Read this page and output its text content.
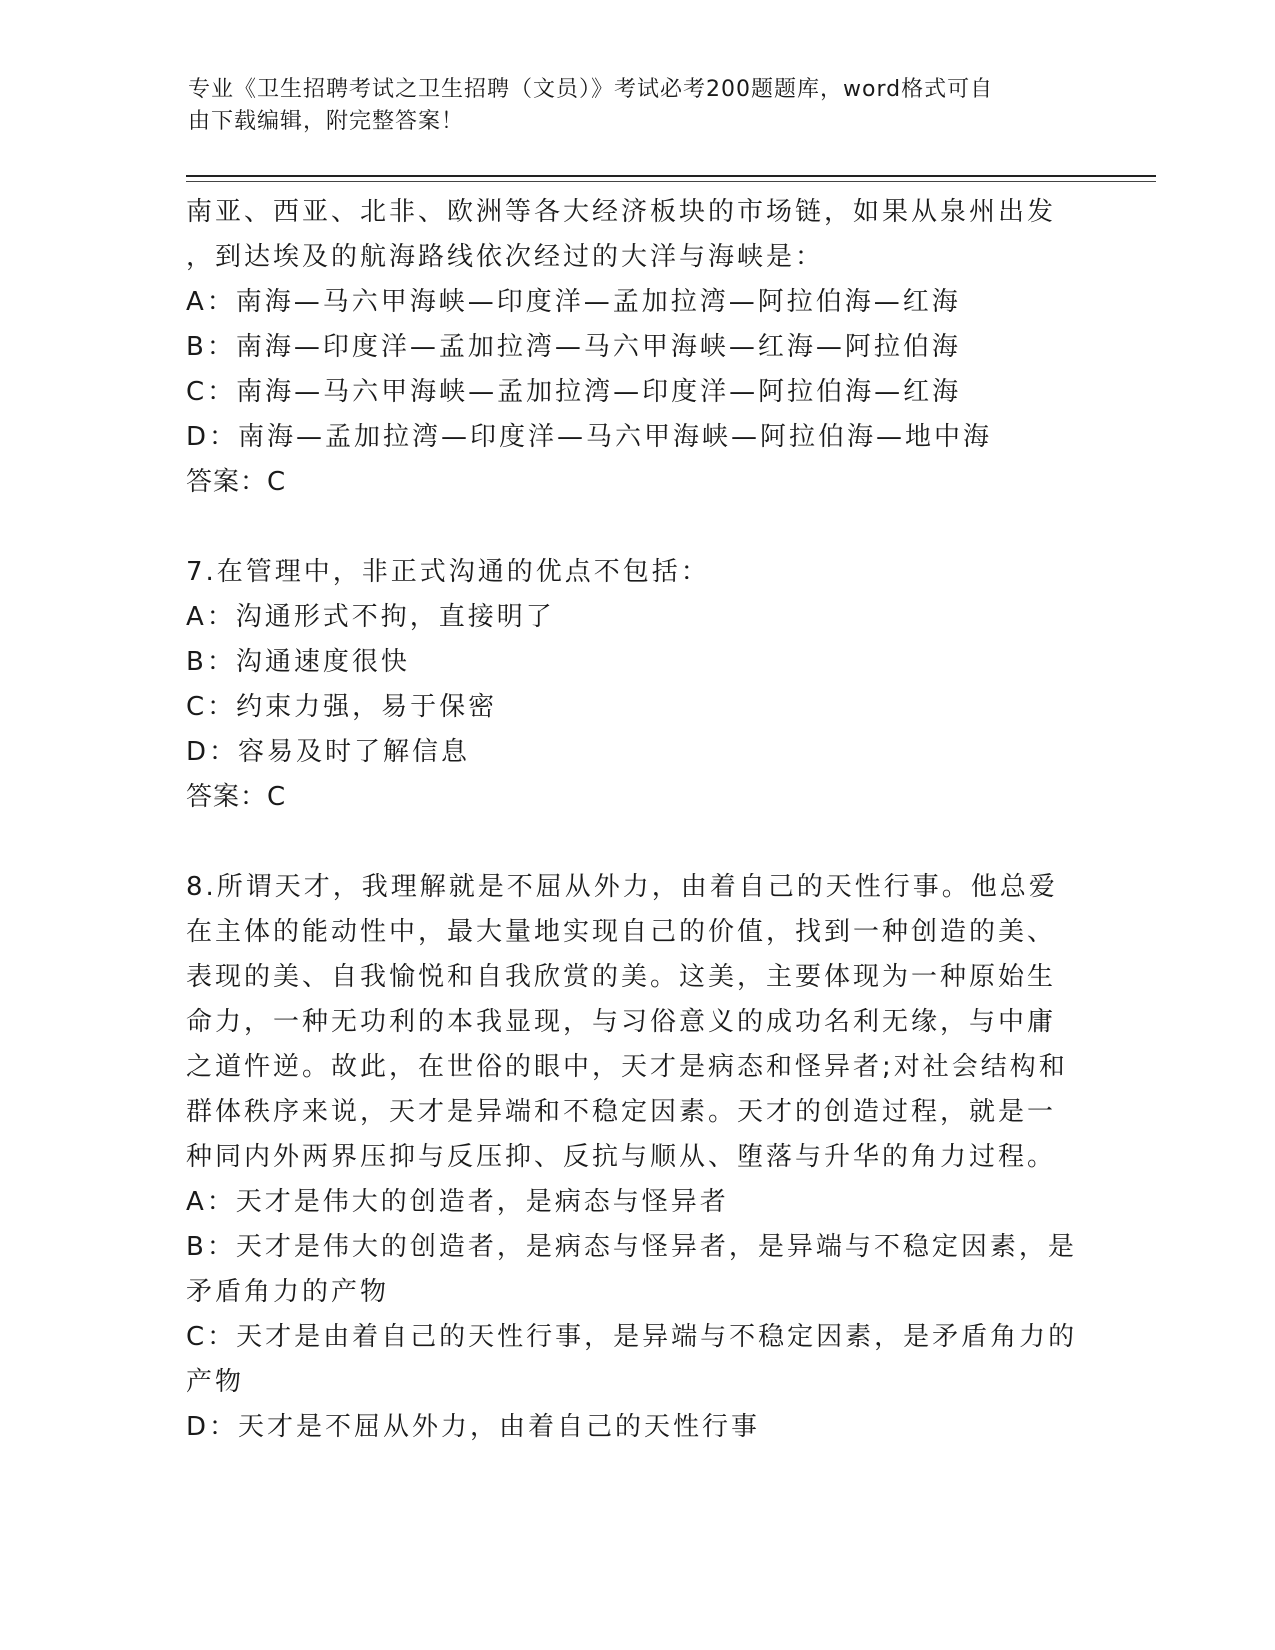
专业《卫生招聘考试之卫生招聘（文员）》考试必考200题题库，word格式可自
由下载编辑，附完整答案！
南亚、西亚、北非、欧洲等各大经济板块的市场链，如果从泉州出发
，到达埃及的航海路线依次经过的大洋与海峡是：
A：南海—马六甲海峡—印度洋—孟加拉湾—阿拉伯海—红海
B：南海—印度洋—孟加拉湾—马六甲海峡—红海—阿拉伯海
C：南海—马六甲海峡—孟加拉湾—印度洋—阿拉伯海—红海
D：南海—孟加拉湾—印度洋—马六甲海峡—阿拉伯海—地中海
答案：C
7.在管理中，非正式沟通的优点不包括：
A：沟通形式不拘，直接明了
B：沟通速度很快
C：约束力强，易于保密
D：容易及时了解信息
答案：C
8.所谓天才，我理解就是不屈从外力，由着自己的天性行事。他总爱
在主体的能动性中，最大量地实现自己的价值，找到一种创造的美、
表现的美、自我愉悦和自我欣赏的美。这美，主要体现为一种原始生
命力，一种无功利的本我显现，与习俗意义的成功名利无缘，与中庸
之道忤逆。故此，在世俗的眼中，天才是病态和怪异者;对社会结构和
群体秩序来说，天才是异端和不稳定因素。天才的创造过程，就是一
种同内外两界压抑与反压抑、反抗与顺从、堕落与升华的角力过程。
A：天才是伟大的创造者，是病态与怪异者
B：天才是伟大的创造者，是病态与怪异者，是异端与不稳定因素，是
矛盾角力的产物
C：天才是由着自己的天性行事，是异端与不稳定因素，是矛盾角力的
产物
D：天才是不屈从外力，由着自己的天性行事
